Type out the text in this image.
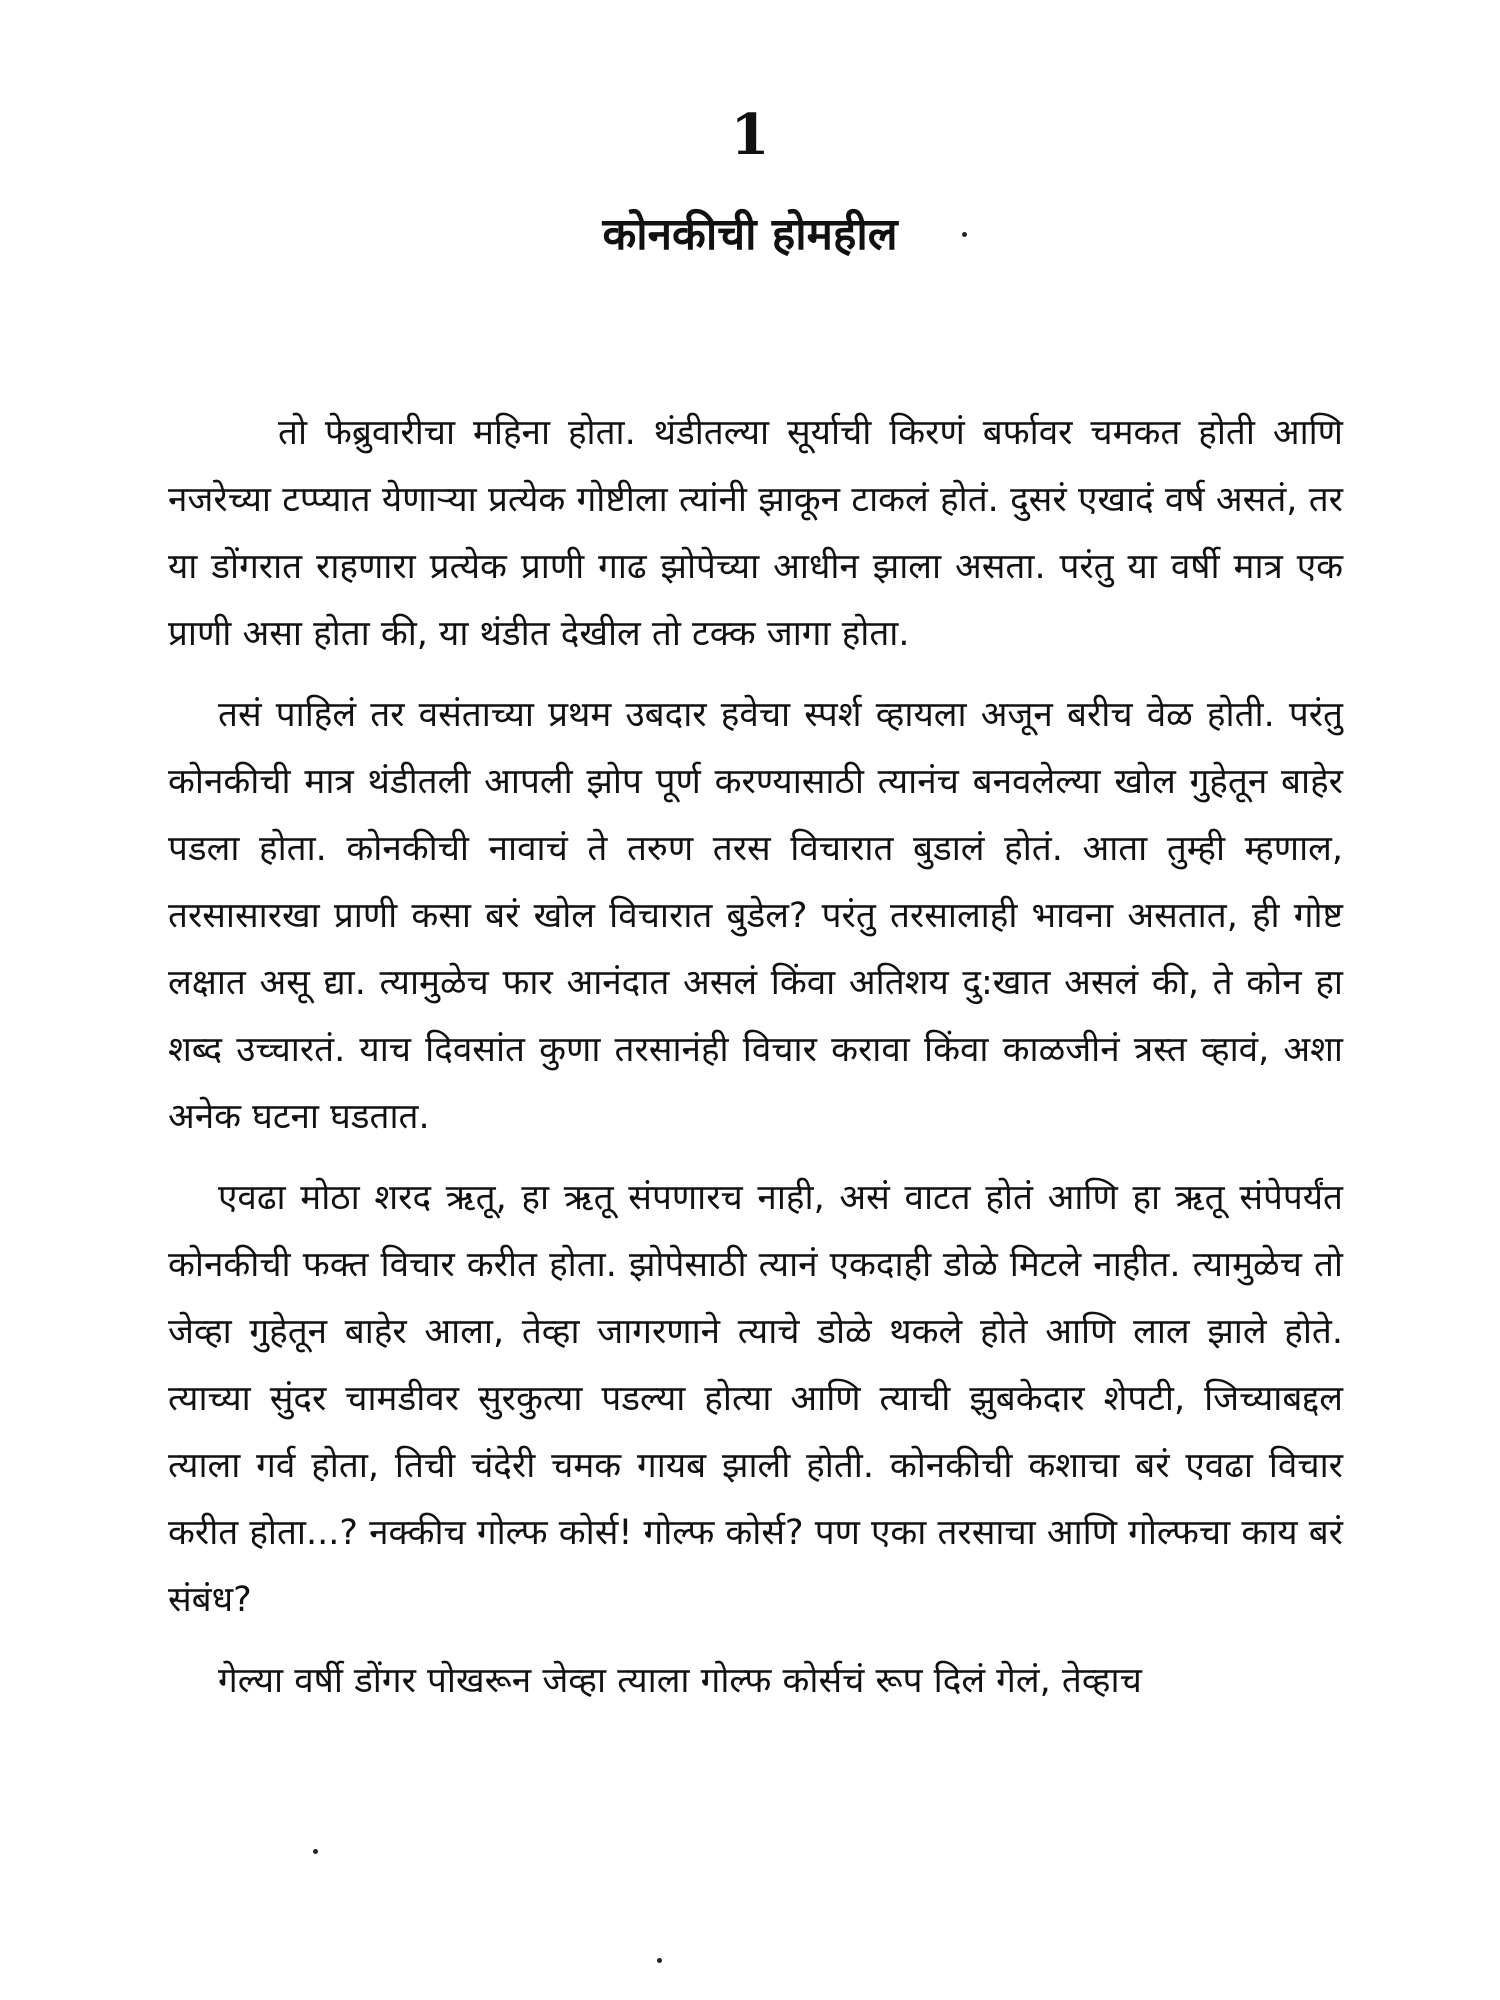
1
कोनकीची होमहील

तो फेब्रुवारीचा महिना होता. थंडीतल्या सूर्याची किरणं बर्फावर चमकत होती आणि नजरेच्या टप्प्यात येणाऱ्या प्रत्येक गोष्टीला त्यांनी झाकून टाकलं होतं. दुसरं एखादं वर्ष असतं, तर या डोंगरात राहणारा प्रत्येक प्राणी गाढ झोपेच्या आधीन झाला असता. परंतु या वर्षी मात्र एक प्राणी असा होता की, या थंडीत देखील तो टक्क जागा होता.

तसं पाहिलं तर वसंताच्या प्रथम उबदार हवेचा स्पर्श व्हायला अजून बरीच वेळ होती. परंतु कोनकीची मात्र थंडीतली आपली झोप पूर्ण करण्यासाठी त्यानंच बनवलेल्या खोल गुहेतून बाहेर पडला होता. कोनकीची नावाचं ते तरुण तरस विचारात बुडालं होतं. आता तुम्ही म्हणाल, तरसासारखा प्राणी कसा बरं खोल विचारात बुडेल? परंतु तरसालाही भावना असतात, ही गोष्ट लक्षात असू द्या. त्यामुळेच फार आनंदात असलं किंवा अतिशय दु:खात असलं की, ते कोन हा शब्द उच्चारतं. याच दिवसांत कुणा तरसानंही विचार करावा किंवा काळजीनं त्रस्त व्हावं, अशा अनेक घटना घडतात.

एवढा मोठा शरद ऋतू, हा ऋतू संपणारच नाही, असं वाटत होतं आणि हा ऋतू संपेपर्यंत कोनकीची फक्त विचार करीत होता. झोपेसाठी त्यानं एकदाही डोळे मिटले नाहीत. त्यामुळेच तो जेव्हा गुहेतून बाहेर आला, तेव्हा जागरणाने त्याचे डोळे थकले होते आणि लाल झाले होते. त्याच्या सुंदर चामडीवर सुरकुत्या पडल्या होत्या आणि त्याची झुबकेदार शेपटी, जिच्याबद्दल त्याला गर्व होता, तिची चंदेरी चमक गायब झाली होती. कोनकीची कशाचा बरं एवढा विचार करीत होता...? नक्कीच गोल्फ कोर्स! गोल्फ कोर्स? पण एका तरसाचा आणि गोल्फचा काय बरं संबंध?

गेल्या वर्षी डोंगर पोखरून जेव्हा त्याला गोल्फ कोर्सचं रूप दिलं गेलं, तेव्हाच
